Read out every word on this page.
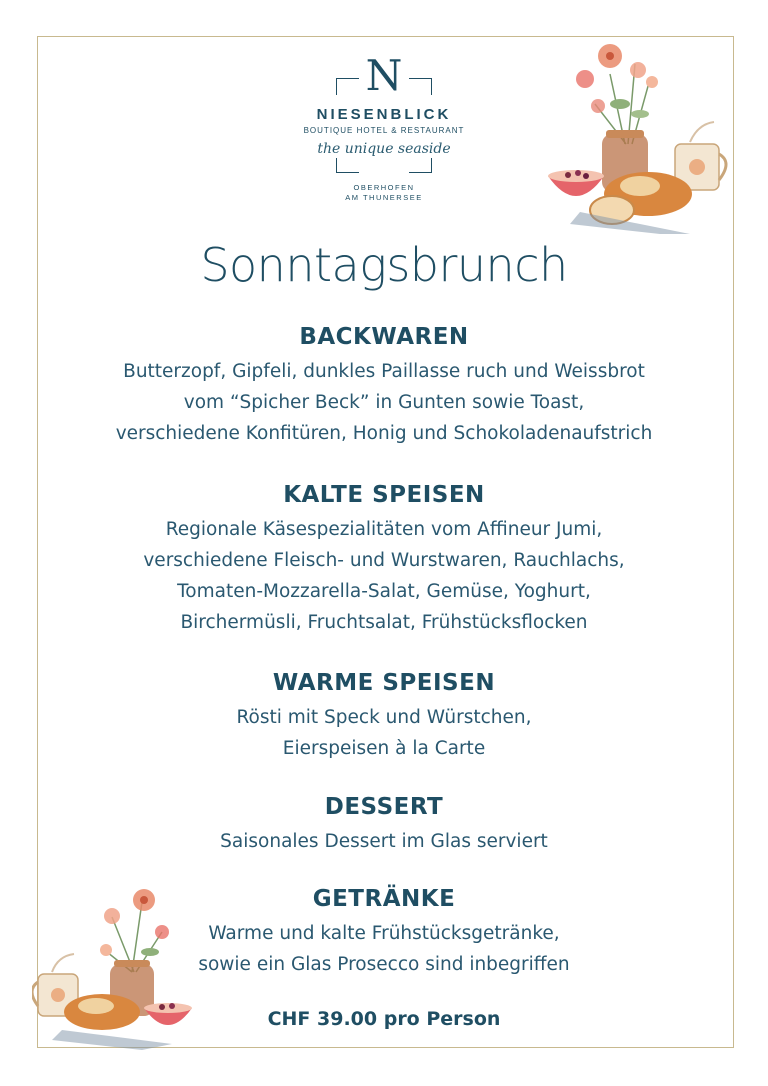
N
NIESENBLICK
BOUTIQUE HOTEL & RESTAURANT
the unique seaside
OBERHOFEN
AM THUNERSEE
Sonntagsbrunch
BACKWAREN

Butterzopf, Gipfeli, dunkles Paillasse ruch und Weissbrot

vom “Spicher Beck” in Gunten sowie Toast,

verschiedene Konfitüren, Honig und Schokoladenaufstrich

KALTE SPEISEN

Regionale Käsespezialitäten vom Affineur Jumi,

verschiedene Fleisch- und Wurstwaren, Rauchlachs,

Tomaten-Mozzarella-Salat, Gemüse, Yoghurt,

Birchermüsli, Fruchtsalat, Frühstücksflocken

WARME SPEISEN

Rösti mit Speck und Würstchen,

Eierspeisen à la Carte

DESSERT

Saisonales Dessert im Glas serviert

GETRÄNKE

Warme und kalte Frühstücksgetränke,

sowie ein Glas Prosecco sind inbegriffen

CHF 39.00 pro Person
